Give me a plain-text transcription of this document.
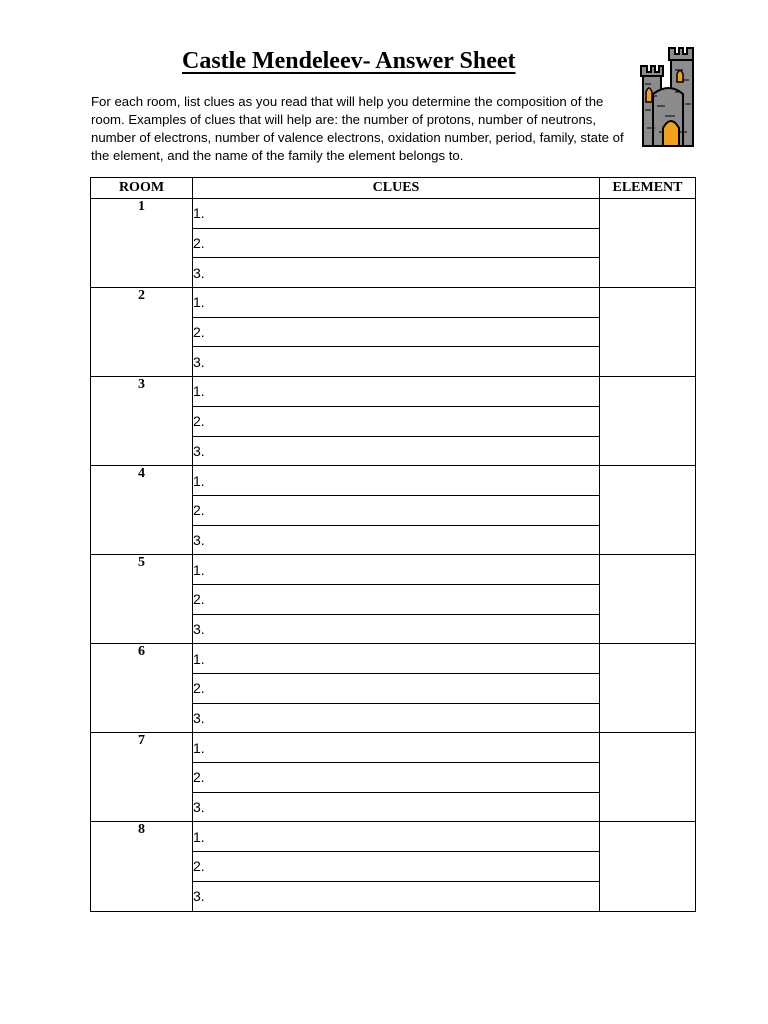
Castle Mendeleev- Answer Sheet
For each room, list clues as you read that will help you determine the composition of the room. Examples of clues that will help are: the number of protons, number of neutrons, number of electrons, number of valence electrons, oxidation number, period, family, state of the element, and the name of the family the element belongs to.
ROOM	CLUES	ELEMENT
1	1.	
	2.	
	3.	
2	1.	
	2.	
	3.	
3	1.	
	2.	
	3.	
4	1.	
	2.	
	3.	
5	1.	
	2.	
	3.	
6	1.	
	2.	
	3.	
7	1.	
	2.	
	3.	
8	1.	
	2.	
	3.	
